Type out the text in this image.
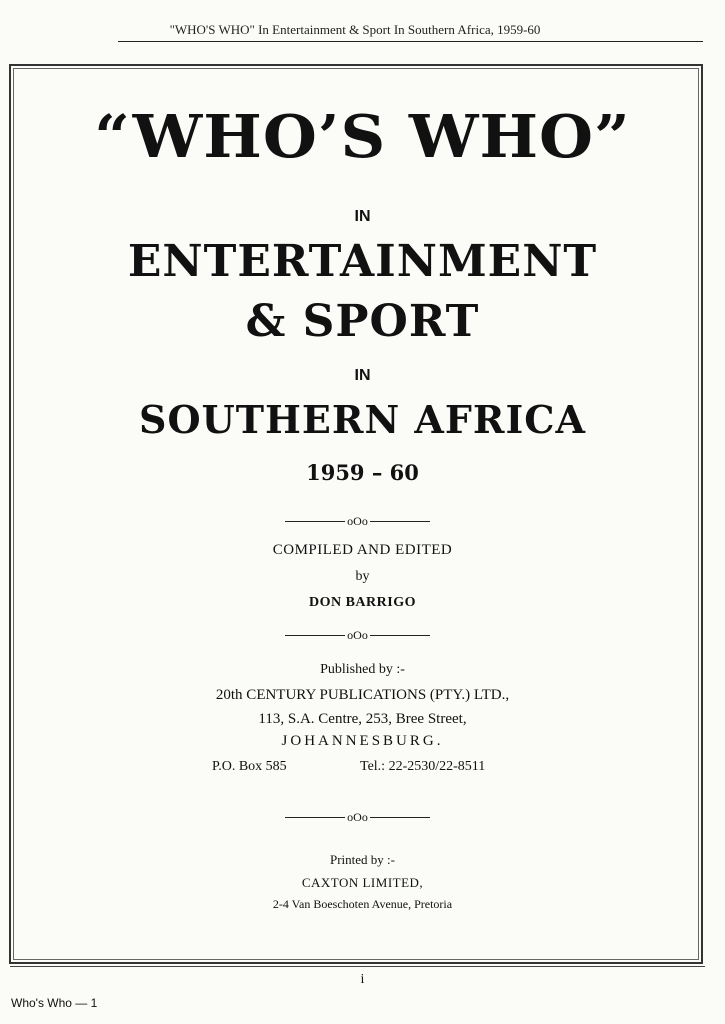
"WHO'S WHO" In Entertainment & Sport In Southern Africa, 1959-60
“WHO’S WHO”
IN
ENTERTAINMENT
& SPORT
IN
SOUTHERN AFRICA
1959 – 60
oOo
COMPILED AND EDITED
by
DON BARRIGO
oOo
Published by :-
20th CENTURY PUBLICATIONS (PTY.) LTD.,
113, S.A. Centre, 253, Bree Street,
JOHANNESBURG.
P.O. Box 585	Tel.: 22-2530/22-8511
oOo
Printed by :-
CAXTON LIMITED,
2-4 Van Boeschoten Avenue, Pretoria
i
Who's Who — 1
